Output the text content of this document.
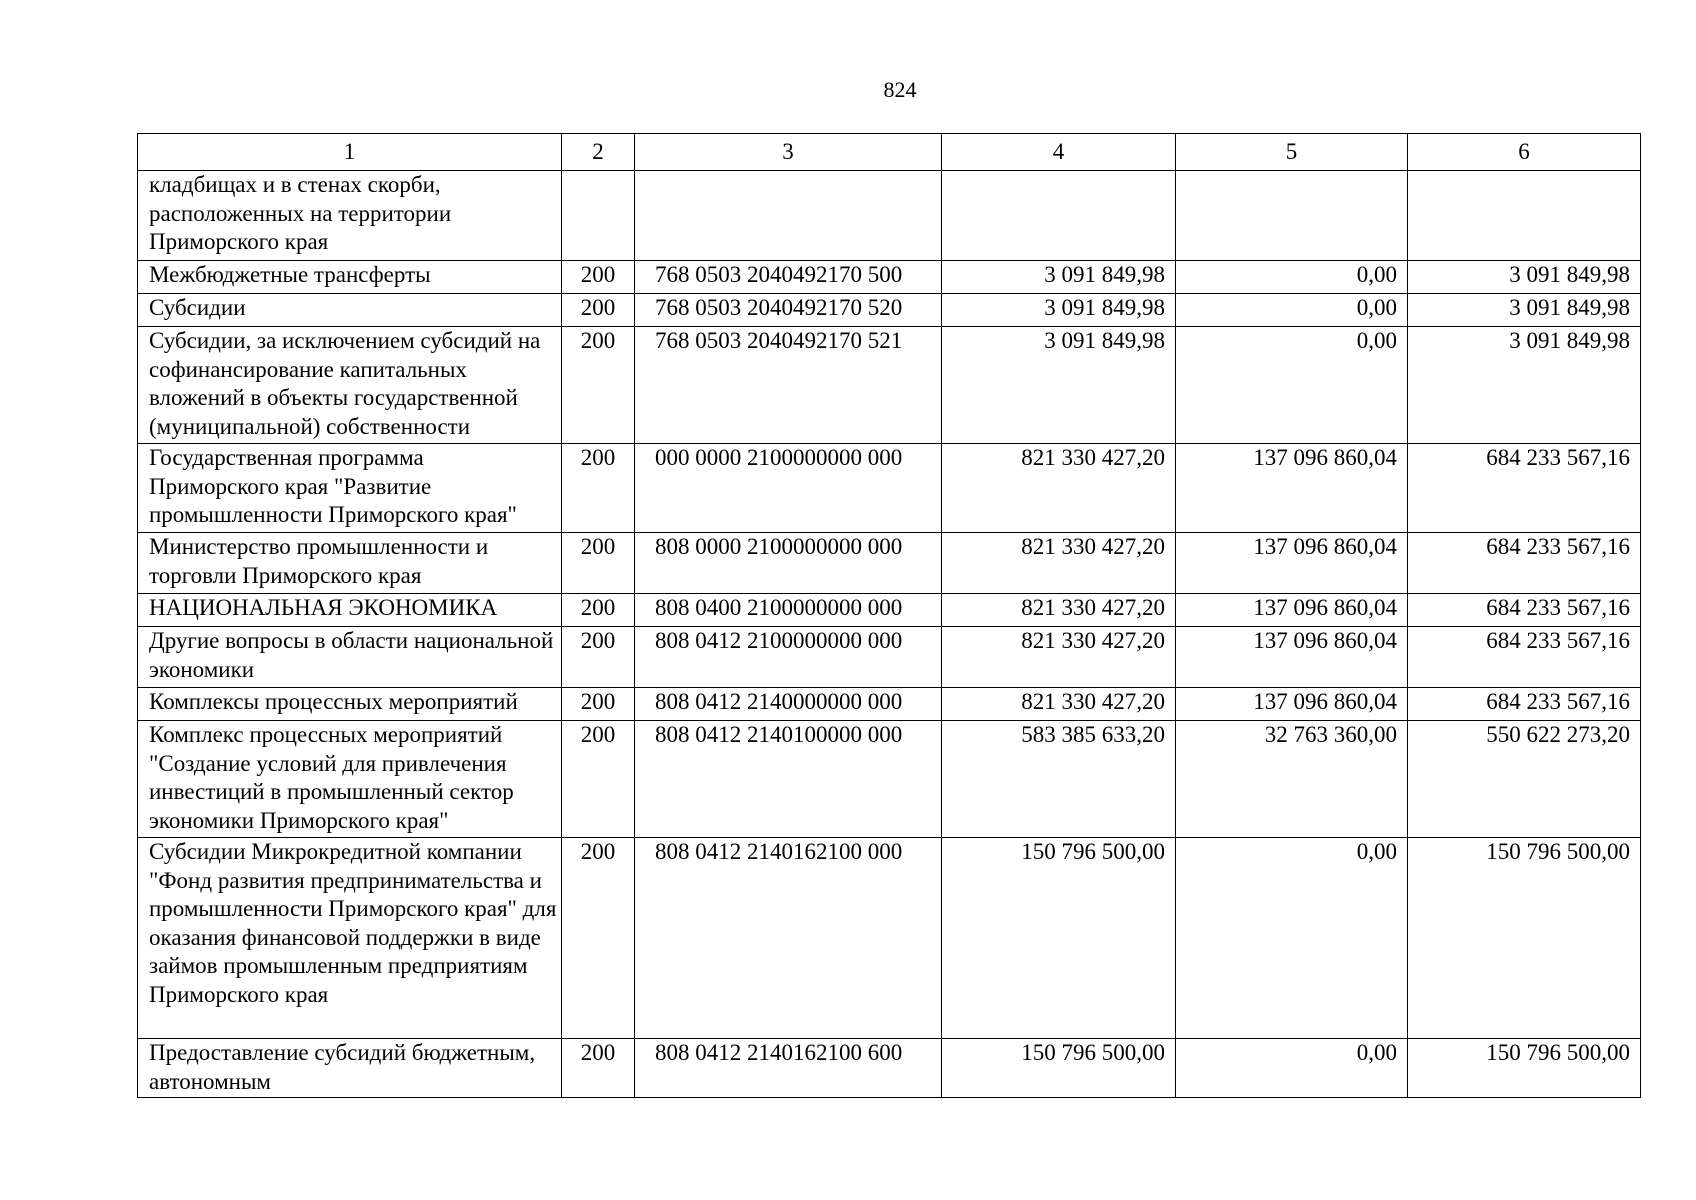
824
1	2	3	4	5	6
кладбищах и в стенах скорби, расположенных на территории Приморского края					
Межбюджетные трансферты	200	768 0503 2040492170 500	3 091 849,98	0,00	3 091 849,98
Субсидии	200	768 0503 2040492170 520	3 091 849,98	0,00	3 091 849,98
Субсидии, за исключением субсидий на софинансирование капитальных вложений в объекты государственной (муниципальной) собственности	200	768 0503 2040492170 521	3 091 849,98	0,00	3 091 849,98
Государственная программа Приморского края "Развитие промышленности Приморского края"	200	000 0000 2100000000 000	821 330 427,20	137 096 860,04	684 233 567,16
Министерство промышленности и торговли Приморского края	200	808 0000 2100000000 000	821 330 427,20	137 096 860,04	684 233 567,16
НАЦИОНАЛЬНАЯ ЭКОНОМИКА	200	808 0400 2100000000 000	821 330 427,20	137 096 860,04	684 233 567,16
Другие вопросы в области национальной экономики	200	808 0412 2100000000 000	821 330 427,20	137 096 860,04	684 233 567,16
Комплексы процессных мероприятий	200	808 0412 2140000000 000	821 330 427,20	137 096 860,04	684 233 567,16
Комплекс процессных мероприятий "Создание условий для привлечения инвестиций в промышленный сектор экономики Приморского края"	200	808 0412 2140100000 000	583 385 633,20	32 763 360,00	550 622 273,20
Субсидии Микрокредитной компании "Фонд развития предпринимательства и промышленности Приморского края" для оказания финансовой поддержки в виде займов промышленным предприятиям Приморского края	200	808 0412 2140162100 000	150 796 500,00	0,00	150 796 500,00
Предоставление субсидий бюджетным, автономным	200	808 0412 2140162100 600	150 796 500,00	0,00	150 796 500,00
